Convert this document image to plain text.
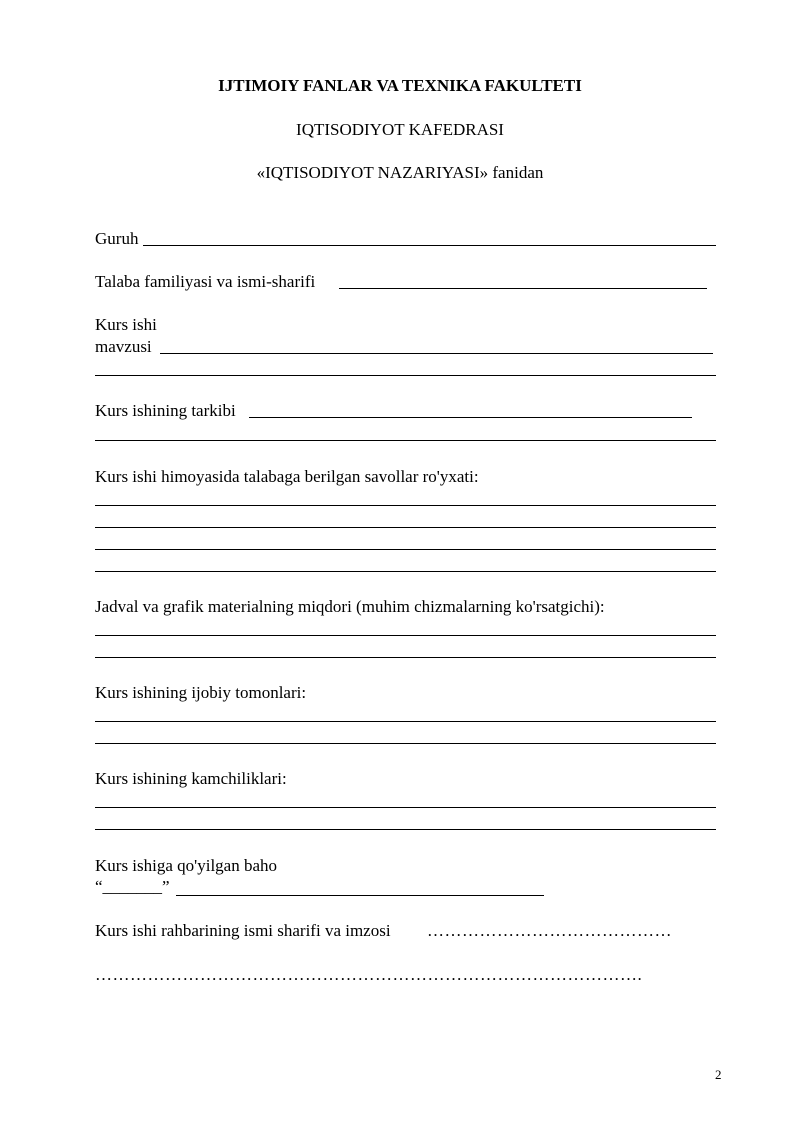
IJTIMOIY FANLAR VA TEXNIKA FAKULTETI
IQTISODIYOT KAFEDRASI
«IQTISODIYOT NAZARIYASI» fanidan
Guruh
Talaba familiyasi va ismi-sharifi
Kurs ishi
mavzusi
Kurs ishining tarkibi
Kurs ishi himoyasida talabaga berilgan savollar ro'yxati:
Jadval va grafik materialning miqdori (muhim chizmalarning ko'rsatgichi):
Kurs ishining ijobiy tomonlari:
Kurs ishining kamchiliklari:
Kurs ishiga qo'yilgan baho
“_______”
Kurs ishi rahbarining ismi sharifi va imzosi ……………………………………
………………………………………………………………………………….
2
